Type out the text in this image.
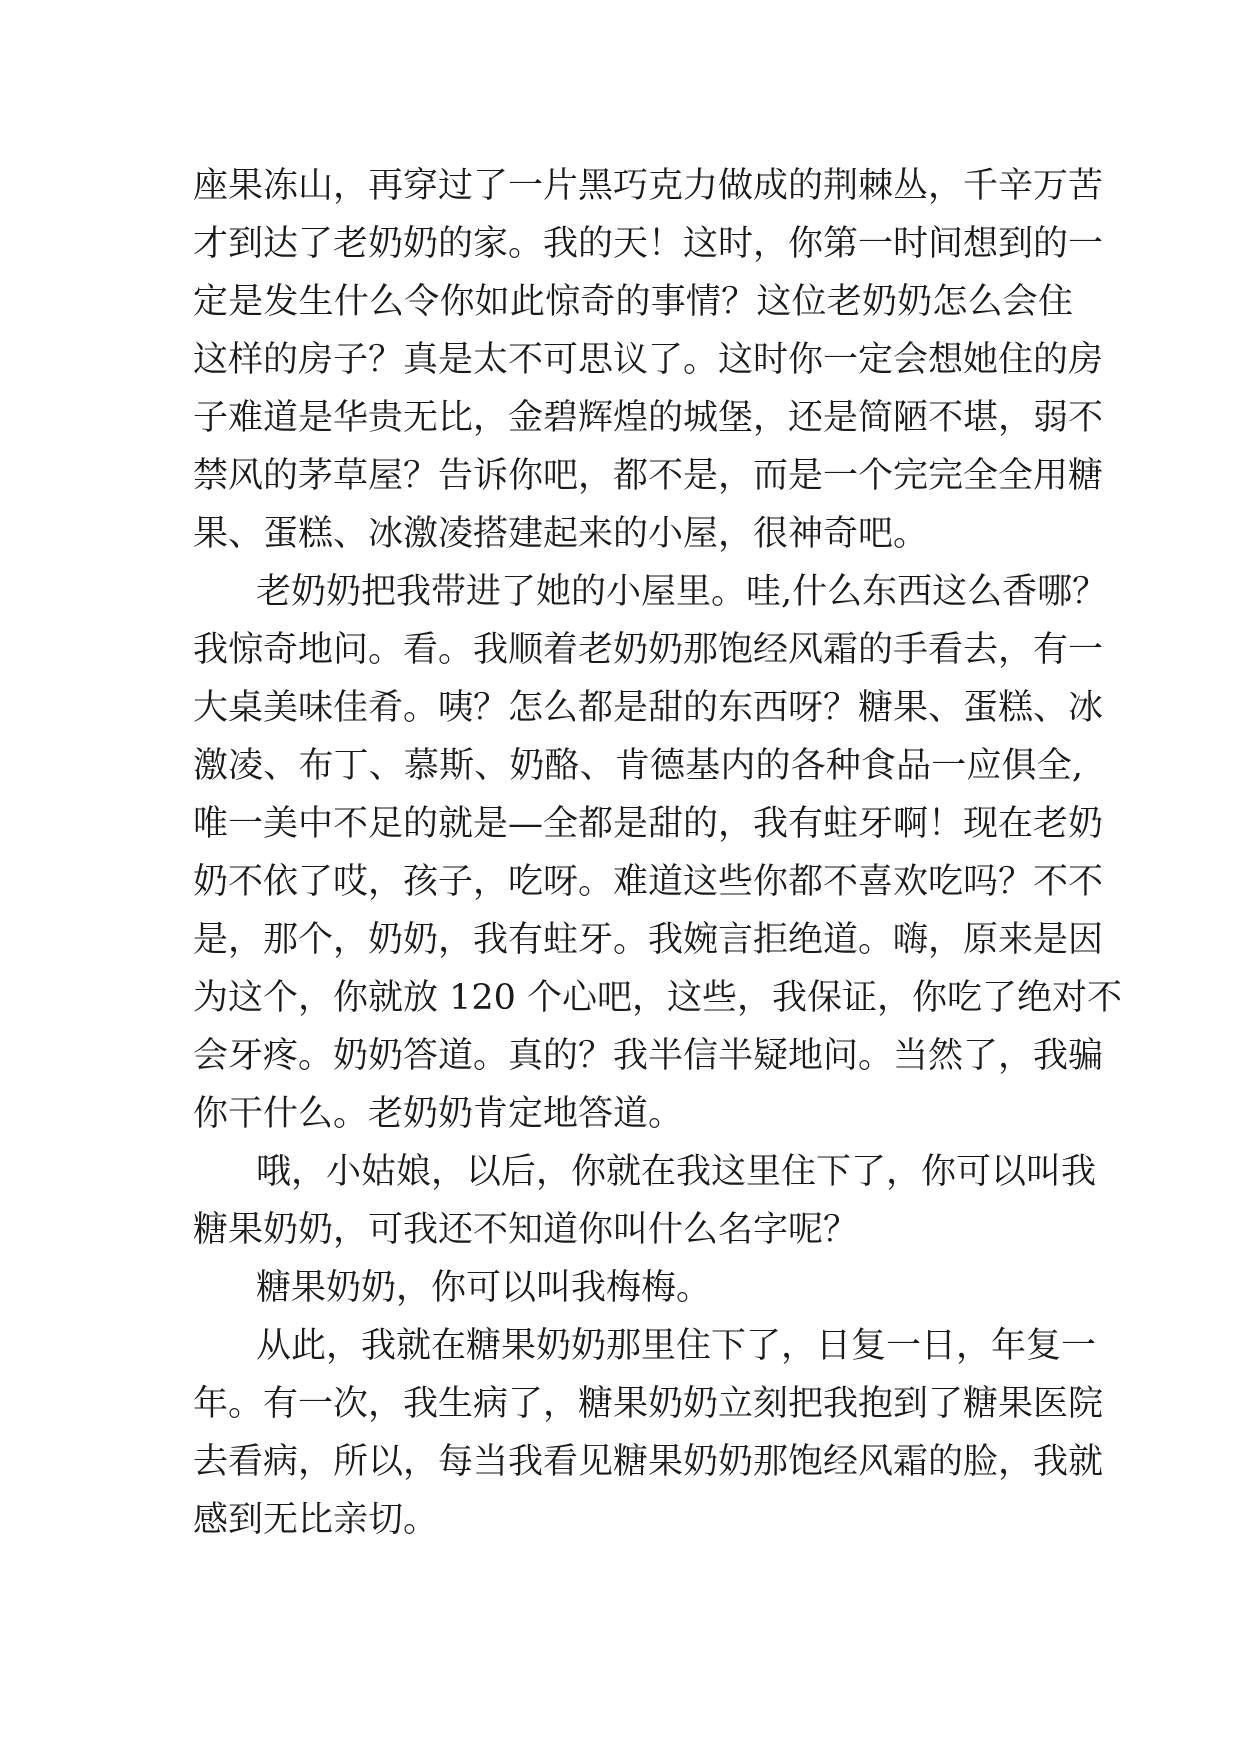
座果冻山，再穿过了一片黑巧克力做成的荆棘丛，千辛万苦
才到达了老奶奶的家。我的天！这时，你第一时间想到的一
定是发生什么令你如此惊奇的事情？这位老奶奶怎么会住
这样的房子？真是太不可思议了。这时你一定会想她住的房
子难道是华贵无比，金碧辉煌的城堡，还是简陋不堪，弱不
禁风的茅草屋？告诉你吧，都不是，而是一个完完全全用糖
果、蛋糕、冰激凌搭建起来的小屋，很神奇吧。
老奶奶把我带进了她的小屋里。哇,什么东西这么香哪？
我惊奇地问。看。我顺着老奶奶那饱经风霜的手看去，有一
大桌美味佳肴。咦？怎么都是甜的东西呀？糖果、蛋糕、冰
激凌、布丁、慕斯、奶酪、肯德基内的各种食品一应俱全,
唯一美中不足的就是—全都是甜的，我有蛀牙啊！现在老奶
奶不依了哎，孩子，吃呀。难道这些你都不喜欢吃吗？不不
是，那个，奶奶，我有蛀牙。我婉言拒绝道。嗨，原来是因
为这个，你就放 120 个心吧，这些，我保证，你吃了绝对不
会牙疼。奶奶答道。真的？我半信半疑地问。当然了，我骗
你干什么。老奶奶肯定地答道。
哦，小姑娘，以后，你就在我这里住下了，你可以叫我
糖果奶奶，可我还不知道你叫什么名字呢？
糖果奶奶，你可以叫我梅梅。
从此，我就在糖果奶奶那里住下了，日复一日，年复一
年。有一次，我生病了，糖果奶奶立刻把我抱到了糖果医院
去看病，所以，每当我看见糖果奶奶那饱经风霜的脸，我就
感到无比亲切。
